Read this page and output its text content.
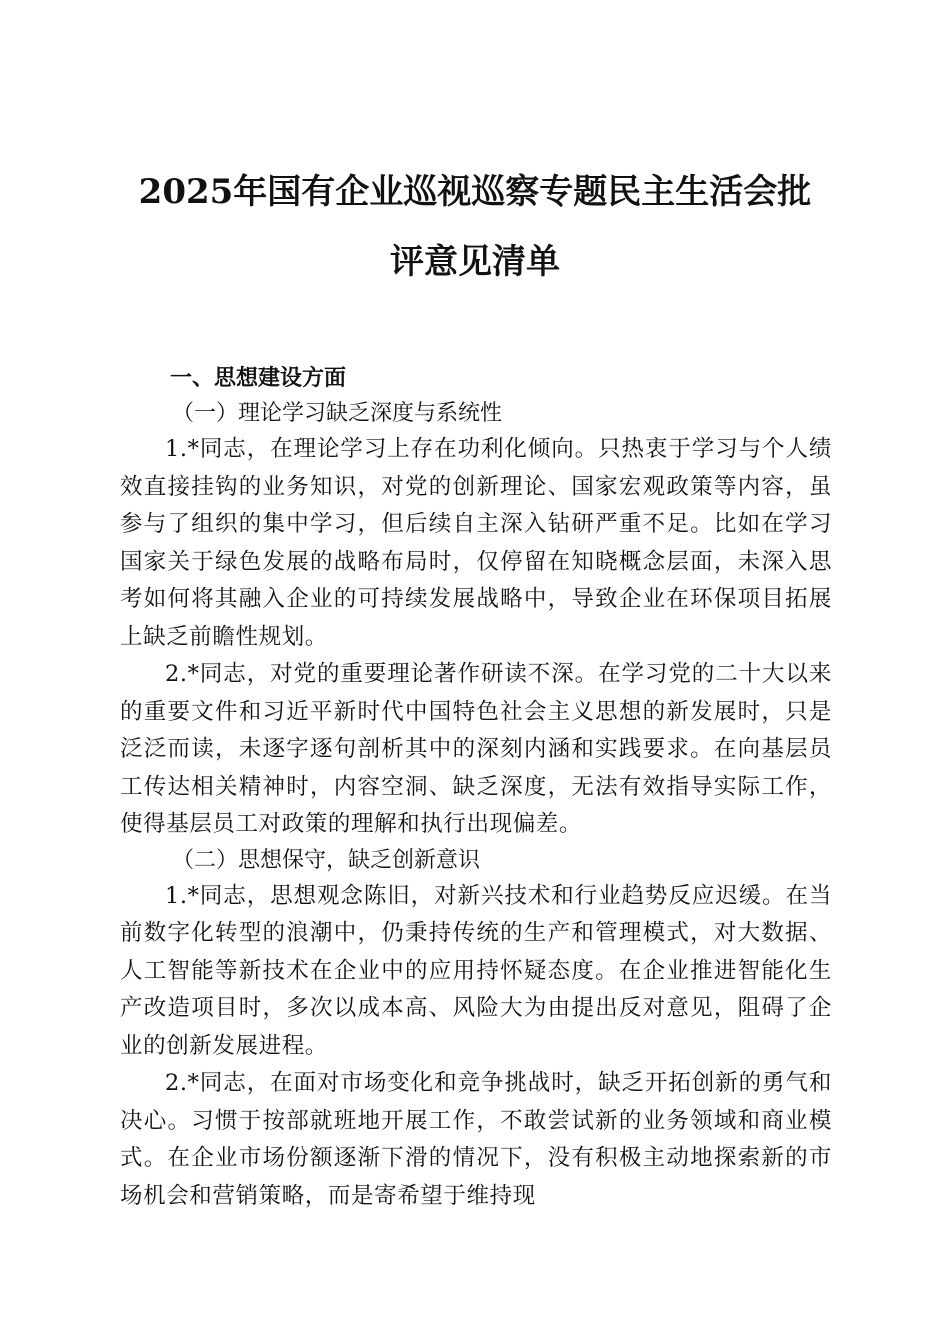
2025年国有企业巡视巡察专题民主生活会批
评意见清单

一、思想建设方面

（一）理论学习缺乏深度与系统性

1.*同志，在理论学习上存在功利化倾向。只热衷于学习与个人绩效直接挂钩的业务知识，对党的创新理论、国家宏观政策等内容，虽参与了组织的集中学习，但后续自主深入钻研严重不足。比如在学习国家关于绿色发展的战略布局时，仅停留在知晓概念层面，未深入思考如何将其融入企业的可持续发展战略中，导致企业在环保项目拓展上缺乏前瞻性规划。

2.*同志，对党的重要理论著作研读不深。在学习党的二十大以来的重要文件和习近平新时代中国特色社会主义思想的新发展时，只是泛泛而读，未逐字逐句剖析其中的深刻内涵和实践要求。在向基层员工传达相关精神时，内容空洞、缺乏深度，无法有效指导实际工作，使得基层员工对政策的理解和执行出现偏差。

（二）思想保守，缺乏创新意识

1.*同志，思想观念陈旧，对新兴技术和行业趋势反应迟缓。在当前数字化转型的浪潮中，仍秉持传统的生产和管理模式，对大数据、人工智能等新技术在企业中的应用持怀疑态度。在企业推进智能化生产改造项目时，多次以成本高、风险大为由提出反对意见，阻碍了企业的创新发展进程。

2.*同志，在面对市场变化和竞争挑战时，缺乏开拓创新的勇气和决心。习惯于按部就班地开展工作，不敢尝试新的业务领域和商业模式。在企业市场份额逐渐下滑的情况下，没有积极主动地探索新的市场机会和营销策略，而是寄希望于维持现
